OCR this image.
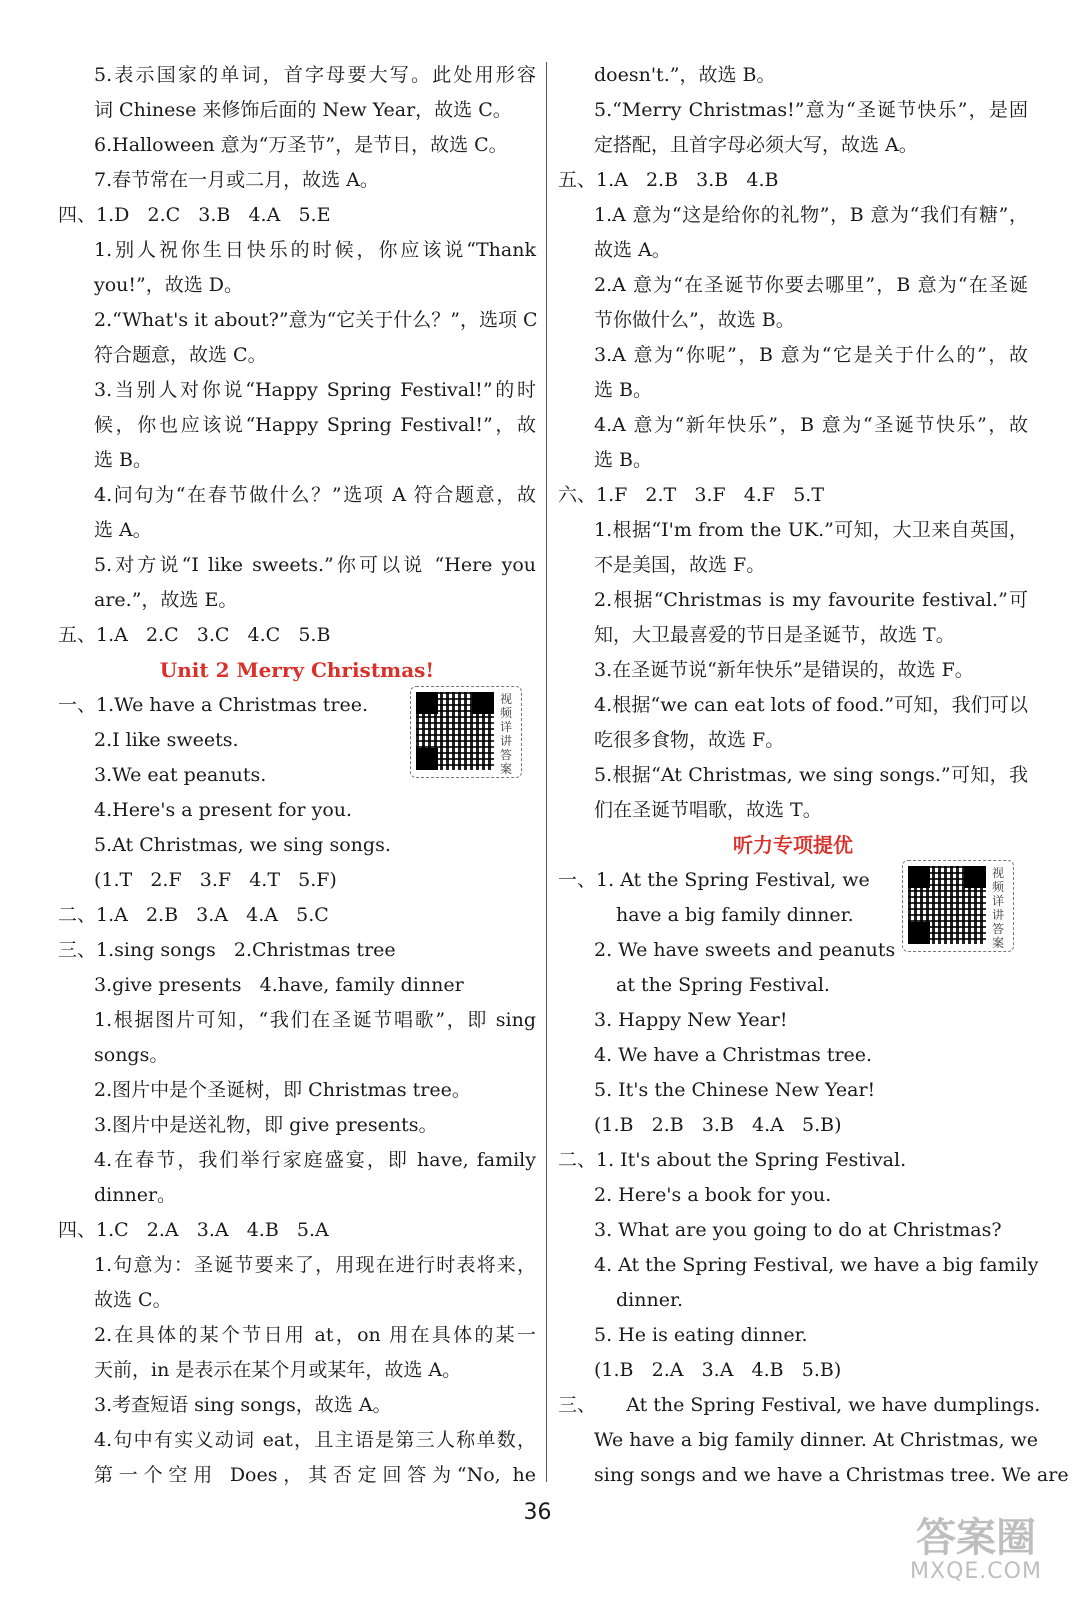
5.表示国家的单词，首字母要大写。此处用形容
词 Chinese 来修饰后面的 New Year，故选 C。
6.Halloween 意为“万圣节”，是节日，故选 C。
7.春节常在一月或二月，故选 A。
四、1.D   2.C   3.B   4.A   5.E
1.别人祝你生日快乐的时候，你应该说“Thank
you!”，故选 D。
2.“What's it about?”意为“它关于什么？”，选项 C
符合题意，故选 C。
3.当别人对你说“Happy Spring Festival!”的时
候，你也应该说“Happy Spring Festival!”，故
选 B。
4.问句为“在春节做什么？”选项 A 符合题意，故
选 A。
5.对方说“I like sweets.”你可以说 “Here you
are.”，故选 E。
五、1.A   2.C   3.C   4.C   5.B
Unit 2 Merry Christmas!
一、1.We have a Christmas tree.
2.I like sweets.
3.We eat peanuts.
4.Here's a present for you.
5.At Christmas, we sing songs.
(1.T   2.F   3.F   4.T   5.F)
二、1.A   2.B   3.A   4.A   5.C
三、1.sing songs   2.Christmas tree
3.give presents   4.have, family dinner
1.根据图片可知，“我们在圣诞节唱歌”，即 sing
songs。
2.图片中是个圣诞树，即 Christmas tree。
3.图片中是送礼物，即 give presents。
4.在春节，我们举行家庭盛宴，即 have, family
dinner。
四、1.C   2.A   3.A   4.B   5.A
1.句意为：圣诞节要来了，用现在进行时表将来，
故选 C。
2.在具体的某个节日用 at，on 用在具体的某一
天前，in 是表示在某个月或某年，故选 A。
3.考查短语 sing songs，故选 A。
4.句中有实义动词 eat，且主语是第三人称单数，
第一个空用 Does，其否定回答为“No, he
doesn't.”，故选 B。
5.“Merry Christmas!”意为“圣诞节快乐”，是固
定搭配，且首字母必须大写，故选 A。
五、1.A   2.B   3.B   4.B
1.A 意为“这是给你的礼物”，B 意为“我们有糖”，
故选 A。
2.A 意为“在圣诞节你要去哪里”，B 意为“在圣诞
节你做什么”，故选 B。
3.A 意为“你呢”，B 意为“它是关于什么的”，故
选 B。
4.A 意为“新年快乐”，B 意为“圣诞节快乐”，故
选 B。
六、1.F   2.T   3.F   4.F   5.T
1.根据“I'm from the UK.”可知，大卫来自英国，
不是美国，故选 F。
2.根据“Christmas is my favourite festival.”可
知，大卫最喜爱的节日是圣诞节，故选 T。
3.在圣诞节说“新年快乐”是错误的，故选 F。
4.根据“we can eat lots of food.”可知，我们可以
吃很多食物，故选 F。
5.根据“At Christmas, we sing songs.”可知，我
们在圣诞节唱歌，故选 T。
听力专项提优
一、1. At the Spring Festival, we
have a big family dinner.
2. We have sweets and peanuts
at the Spring Festival.
3. Happy New Year!
4. We have a Christmas tree.
5. It's the Chinese New Year!
(1.B   2.B   3.B   4.A   5.B)
二、1. It's about the Spring Festival.
2. Here's a book for you.
3. What are you going to do at Christmas?
4. At the Spring Festival, we have a big family
dinner.
5. He is eating dinner.
(1.B   2.A   3.A   4.B   5.B)
三、     At the Spring Festival, we have dumplings.
We have a big family dinner. At Christmas, we
sing songs and we have a Christmas tree. We are
视频详讲答案
视频详讲答案
36
答案圈
MXQE.COM
